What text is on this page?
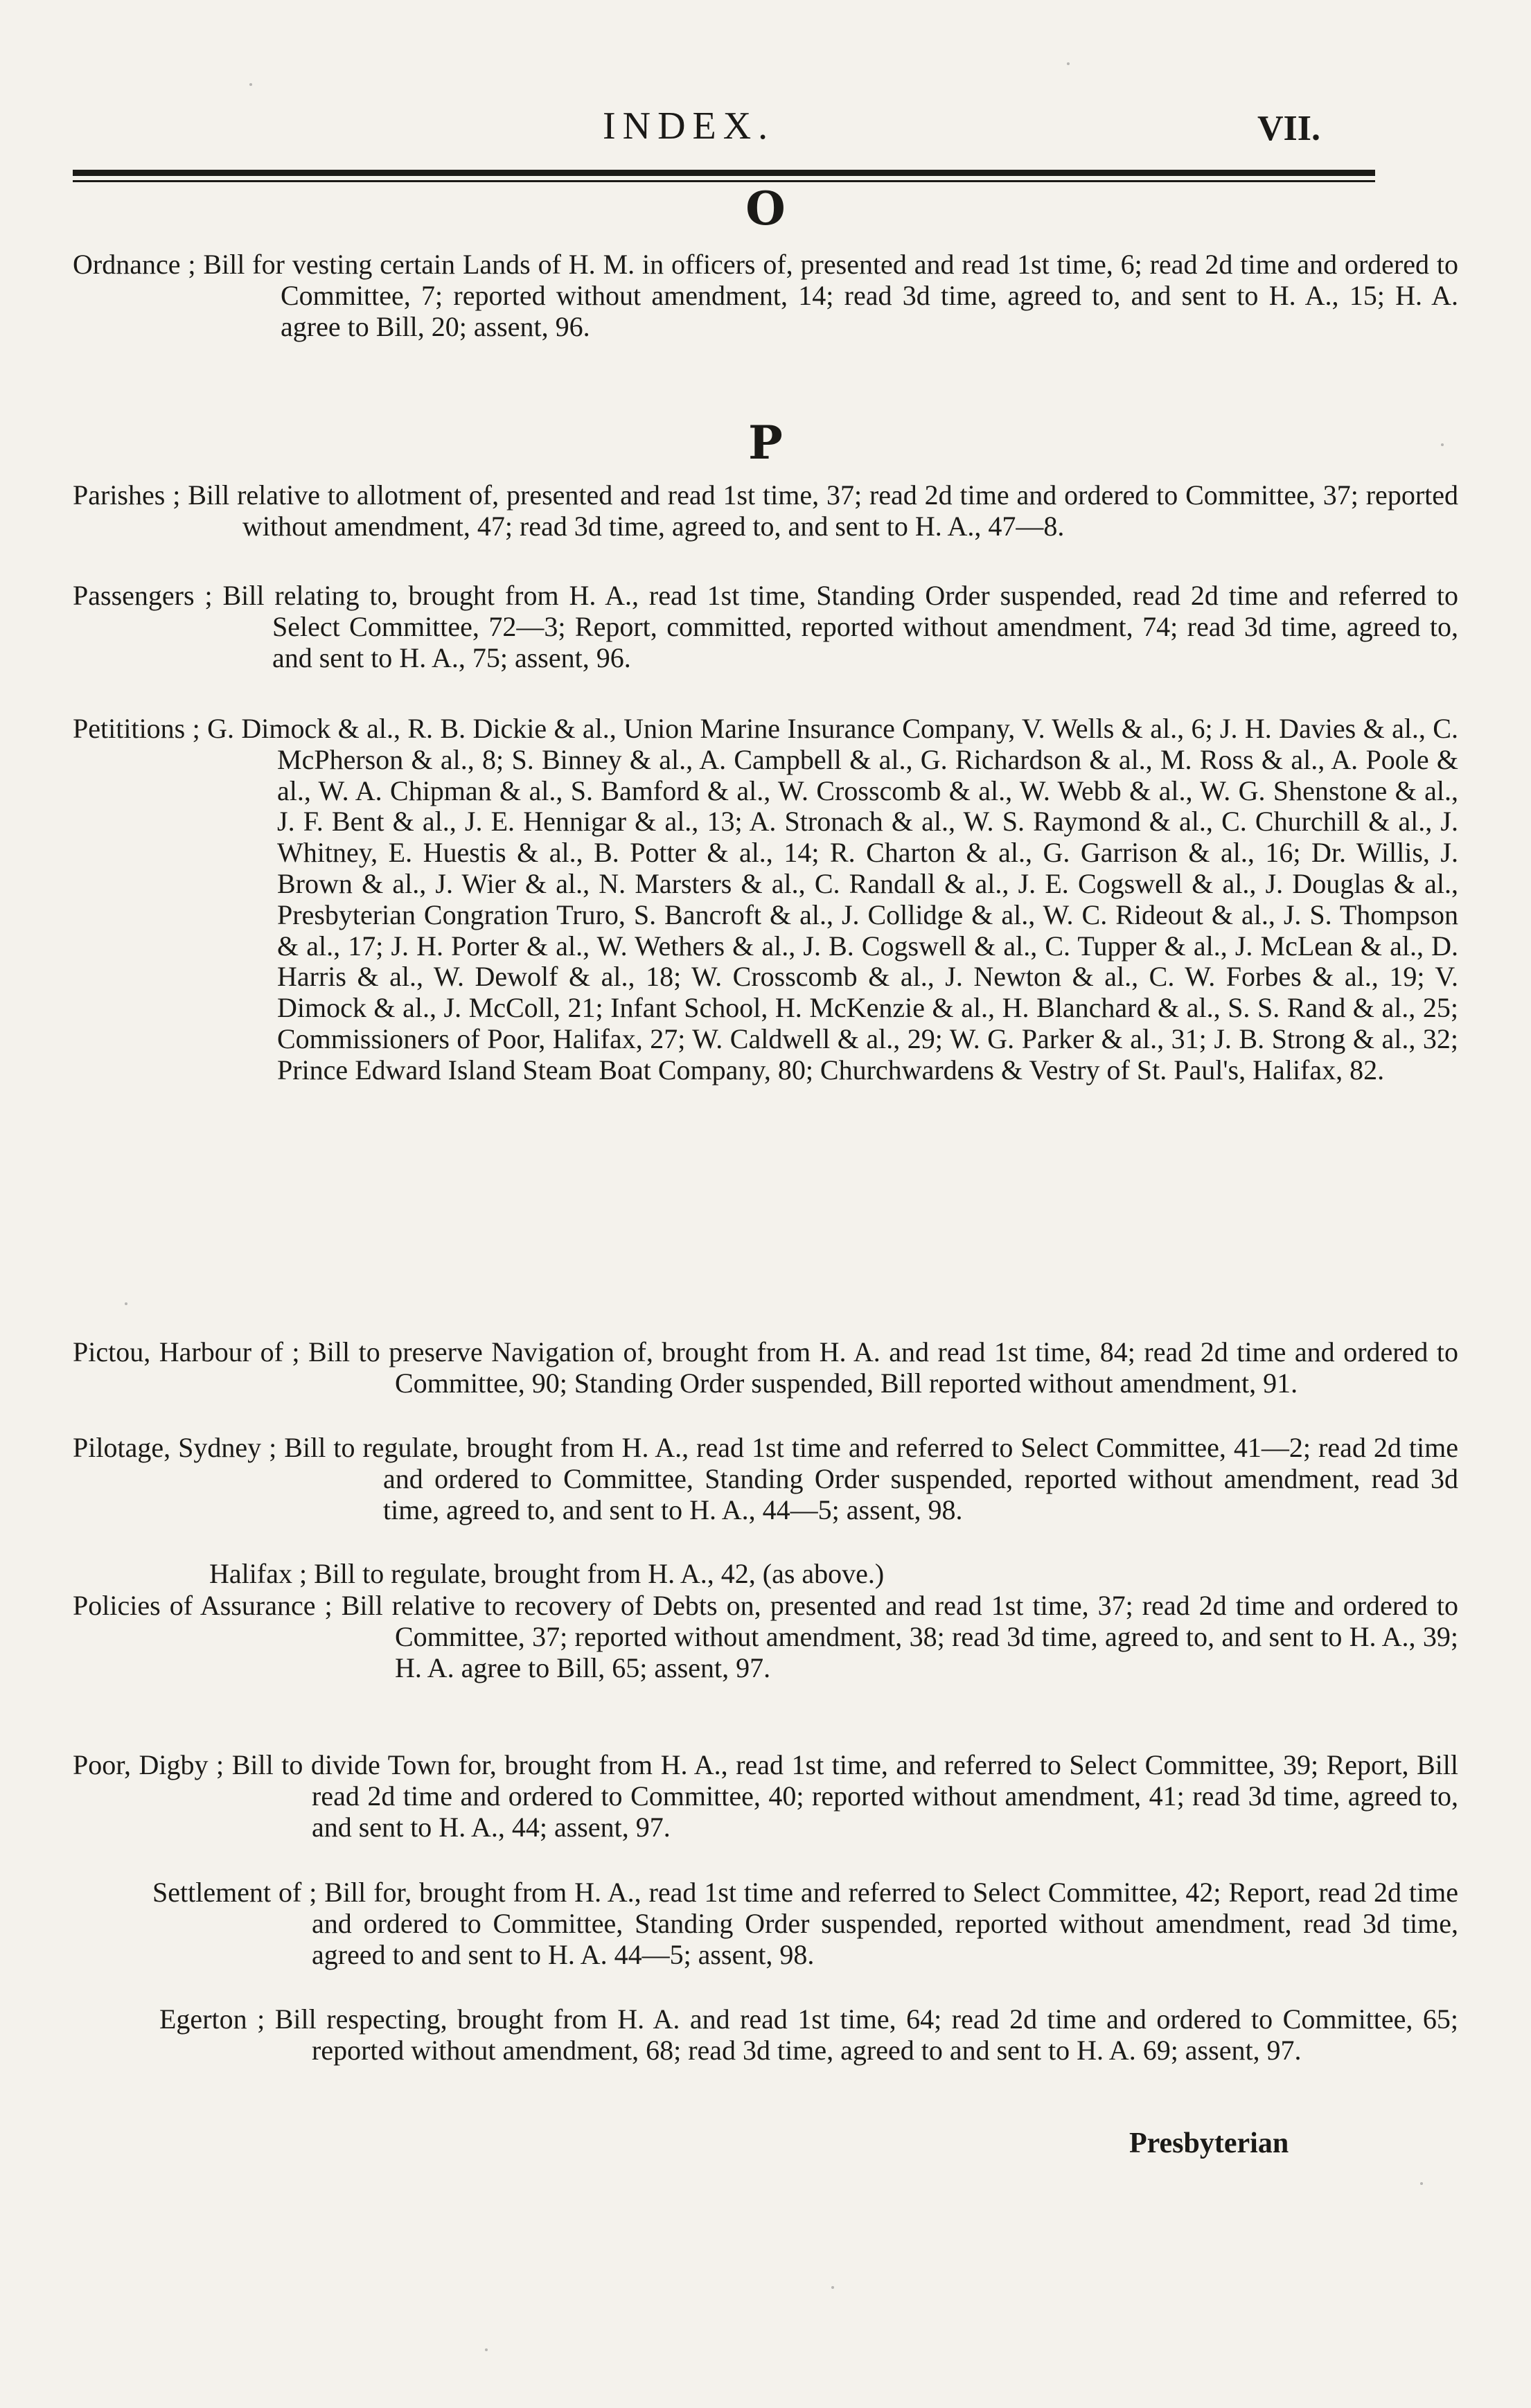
INDEX.	VII.
O
P
Ordnance ; Bill for vesting certain Lands of H. M. in officers of, presented and read 1st time, 6; read 2d time and ordered to Committee, 7; reported without amendment, 14; read 3d time, agreed to, and sent to H. A., 15; H. A. agree to Bill, 20; assent, 96.
Parishes ; Bill relative to allotment of, presented and read 1st time, 37; read 2d time and ordered to Committee, 37; reported without amendment, 47; read 3d time, agreed to, and sent to H. A., 47—8.
Passengers ; Bill relating to, brought from H. A., read 1st time, Standing Order suspended, read 2d time and referred to Select Committee, 72—3; Report, committed, reported without amendment, 74; read 3d time, agreed to, and sent to H. A., 75; assent, 96.
Petititions ; G. Dimock & al., R. B. Dickie & al., Union Marine Insurance Company, V. Wells & al., 6; J. H. Davies & al., C. McPherson & al., 8; S. Binney & al., A. Campbell & al., G. Richardson & al., M. Ross & al., A. Poole & al., W. A. Chipman & al., S. Bamford & al., W. Crosscomb & al., W. Webb & al., W. G. Shenstone & al., J. F. Bent & al., J. E. Hennigar & al., 13; A. Stronach & al., W. S. Raymond & al., C. Churchill & al., J. Whitney, E. Huestis & al., B. Potter & al., 14; R. Charton & al., G. Garrison & al., 16; Dr. Willis, J. Brown & al., J. Wier & al., N. Marsters & al., C. Randall & al., J. E. Cogswell & al., J. Douglas & al., Presbyterian Congration Truro, S. Bancroft & al., J. Collidge & al., W. C. Rideout & al., J. S. Thompson & al., 17; J. H. Porter & al., W. Wethers & al., J. B. Cogswell & al., C. Tupper & al., J. McLean & al., D. Harris & al., W. Dewolf & al., 18; W. Crosscomb & al., J. Newton & al., C. W. Forbes & al., 19; V. Dimock & al., J. McColl, 21; Infant School, H. McKenzie & al., H. Blanchard & al., S. S. Rand & al., 25; Commissioners of Poor, Halifax, 27; W. Caldwell & al., 29; W. G. Parker & al., 31; J. B. Strong & al., 32; Prince Edward Island Steam Boat Company, 80; Churchwardens & Vestry of St. Paul's, Halifax, 82.
Pictou, Harbour of ; Bill to preserve Navigation of, brought from H. A. and read 1st time, 84; read 2d time and ordered to Committee, 90; Standing Order suspended, Bill reported without amendment, 91.
Pilotage, Sydney ; Bill to regulate, brought from H. A., read 1st time and referred to Select Committee, 41—2; read 2d time and ordered to Committee, Standing Order suspended, reported without amendment, read 3d time, agreed to, and sent to H. A., 44—5; assent, 98.
Halifax ; Bill to regulate, brought from H. A., 42, (as above.)
Policies of Assurance ; Bill relative to recovery of Debts on, presented and read 1st time, 37; read 2d time and ordered to Committee, 37; reported without amendment, 38; read 3d time, agreed to, and sent to H. A., 39; H. A. agree to Bill, 65; assent, 97.
Poor, Digby ; Bill to divide Town for, brought from H. A., read 1st time, and referred to Select Committee, 39; Report, Bill read 2d time and ordered to Committee, 40; reported without amendment, 41; read 3d time, agreed to, and sent to H. A., 44; assent, 97.
Settlement of ; Bill for, brought from H. A., read 1st time and referred to Select Committee, 42; Report, read 2d time and ordered to Committee, Standing Order suspended, reported without amendment, read 3d time, agreed to and sent to H. A. 44—5; assent, 98.
Egerton ; Bill respecting, brought from H. A. and read 1st time, 64; read 2d time and ordered to Committee, 65; reported without amendment, 68; read 3d time, agreed to and sent to H. A. 69; assent, 97.
Presbyterian
